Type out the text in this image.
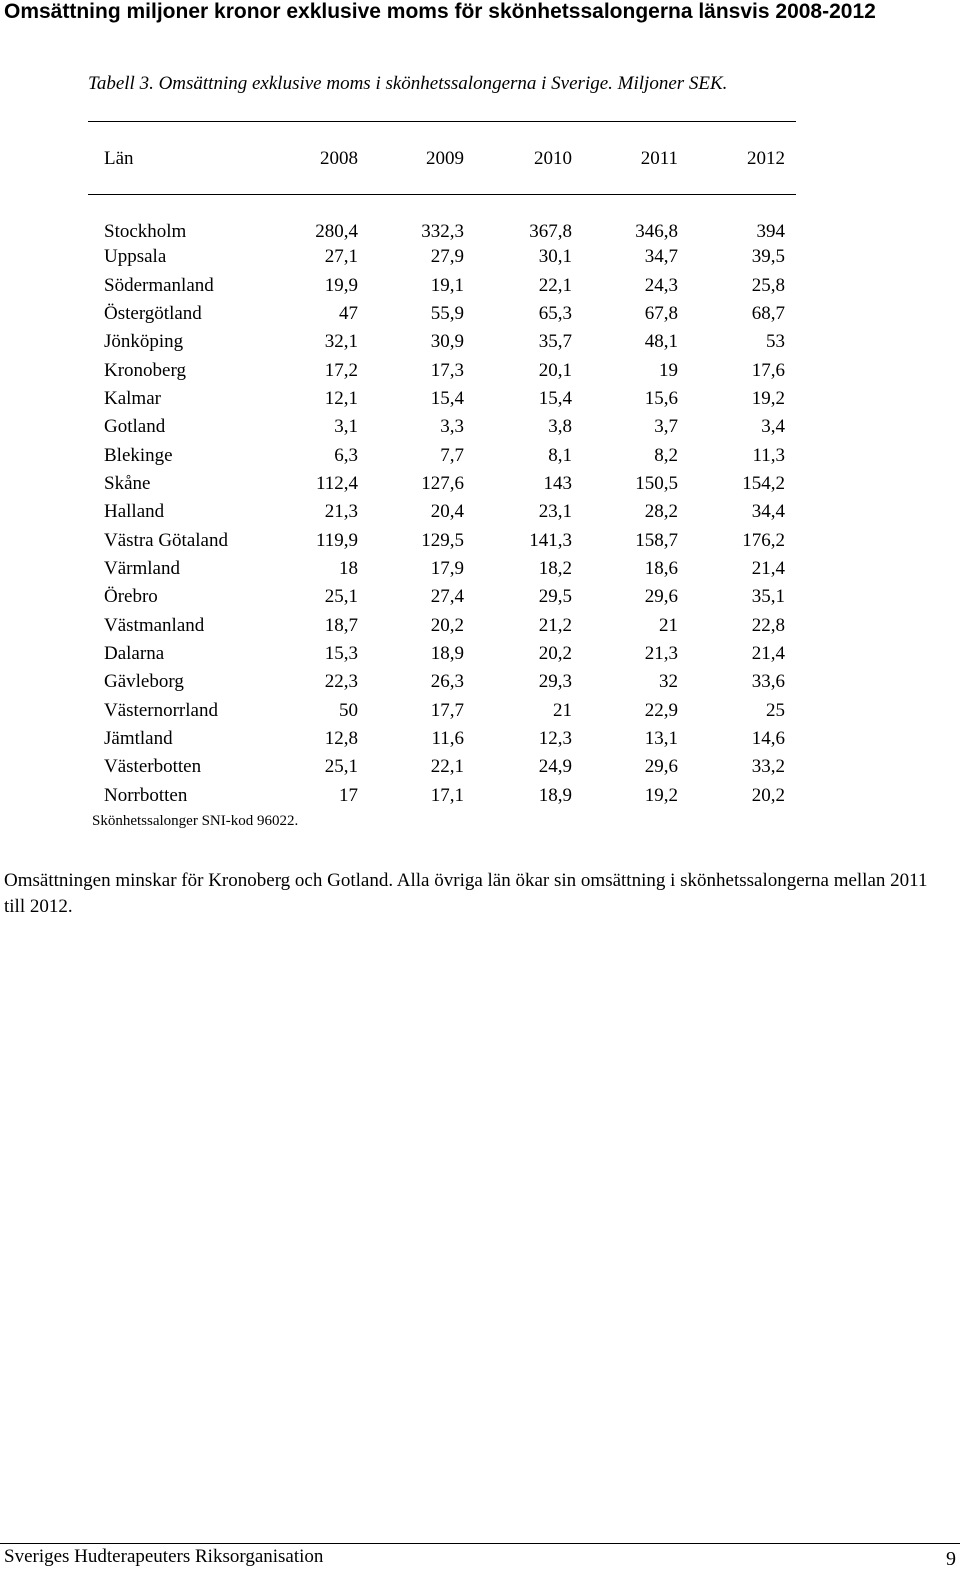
Omsättning miljoner kronor exklusive moms för skönhetssalongerna länsvis 2008-2012
Tabell 3. Omsättning exklusive moms i skönhetssalongerna i Sverige. Miljoner SEK.
Län	2008	2009	2010	2011	2012
Stockholm	280,4	332,3	367,8	346,8	394
Uppsala	27,1	27,9	30,1	34,7	39,5
Södermanland	19,9	19,1	22,1	24,3	25,8
Östergötland	47	55,9	65,3	67,8	68,7
Jönköping	32,1	30,9	35,7	48,1	53
Kronoberg	17,2	17,3	20,1	19	17,6
Kalmar	12,1	15,4	15,4	15,6	19,2
Gotland	3,1	3,3	3,8	3,7	3,4
Blekinge	6,3	7,7	8,1	8,2	11,3
Skåne	112,4	127,6	143	150,5	154,2
Halland	21,3	20,4	23,1	28,2	34,4
Västra Götaland	119,9	129,5	141,3	158,7	176,2
Värmland	18	17,9	18,2	18,6	21,4
Örebro	25,1	27,4	29,5	29,6	35,1
Västmanland	18,7	20,2	21,2	21	22,8
Dalarna	15,3	18,9	20,2	21,3	21,4
Gävleborg	22,3	26,3	29,3	32	33,6
Västernorrland	50	17,7	21	22,9	25
Jämtland	12,8	11,6	12,3	13,1	14,6
Västerbotten	25,1	22,1	24,9	29,6	33,2
Norrbotten	17	17,1	18,9	19,2	20,2
Skönhetssalonger SNI-kod 96022.

Omsättningen minskar för Kronoberg och Gotland. Alla övriga län ökar sin omsättning i skönhetssalongerna mellan 2011 till 2012.

Sveriges Hudterapeuters Riksorganisation	9
